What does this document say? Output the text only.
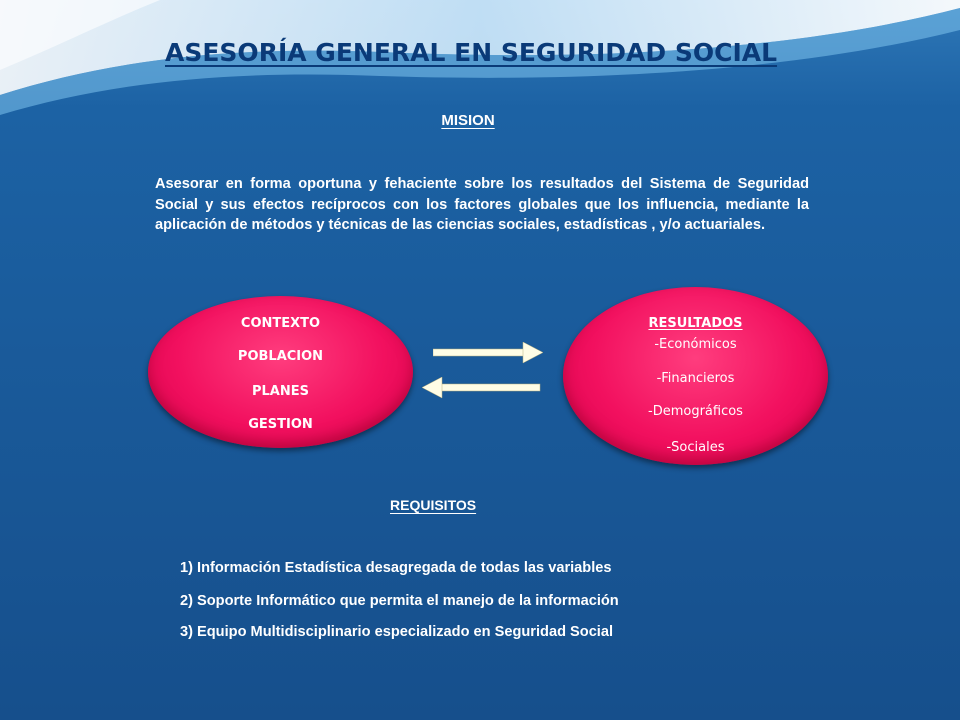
ASESORÍA GENERAL EN SEGURIDAD SOCIAL
MISION
Asesorar en forma oportuna y fehaciente sobre los resultados del Sistema de Seguridad Social y sus efectos recíprocos con los factores globales que los influencia, mediante la aplicación de métodos y técnicas de las ciencias sociales, estadísticas , y/o actuariales.
CONTEXTO
POBLACION
PLANES
GESTION
RESULTADOS
-Económicos
-Financieros
-Demográficos
-Sociales
REQUISITOS
1) Información Estadística desagregada de todas las variables
2) Soporte Informático que permita el manejo de la información
3) Equipo Multidisciplinario especializado en Seguridad Social
